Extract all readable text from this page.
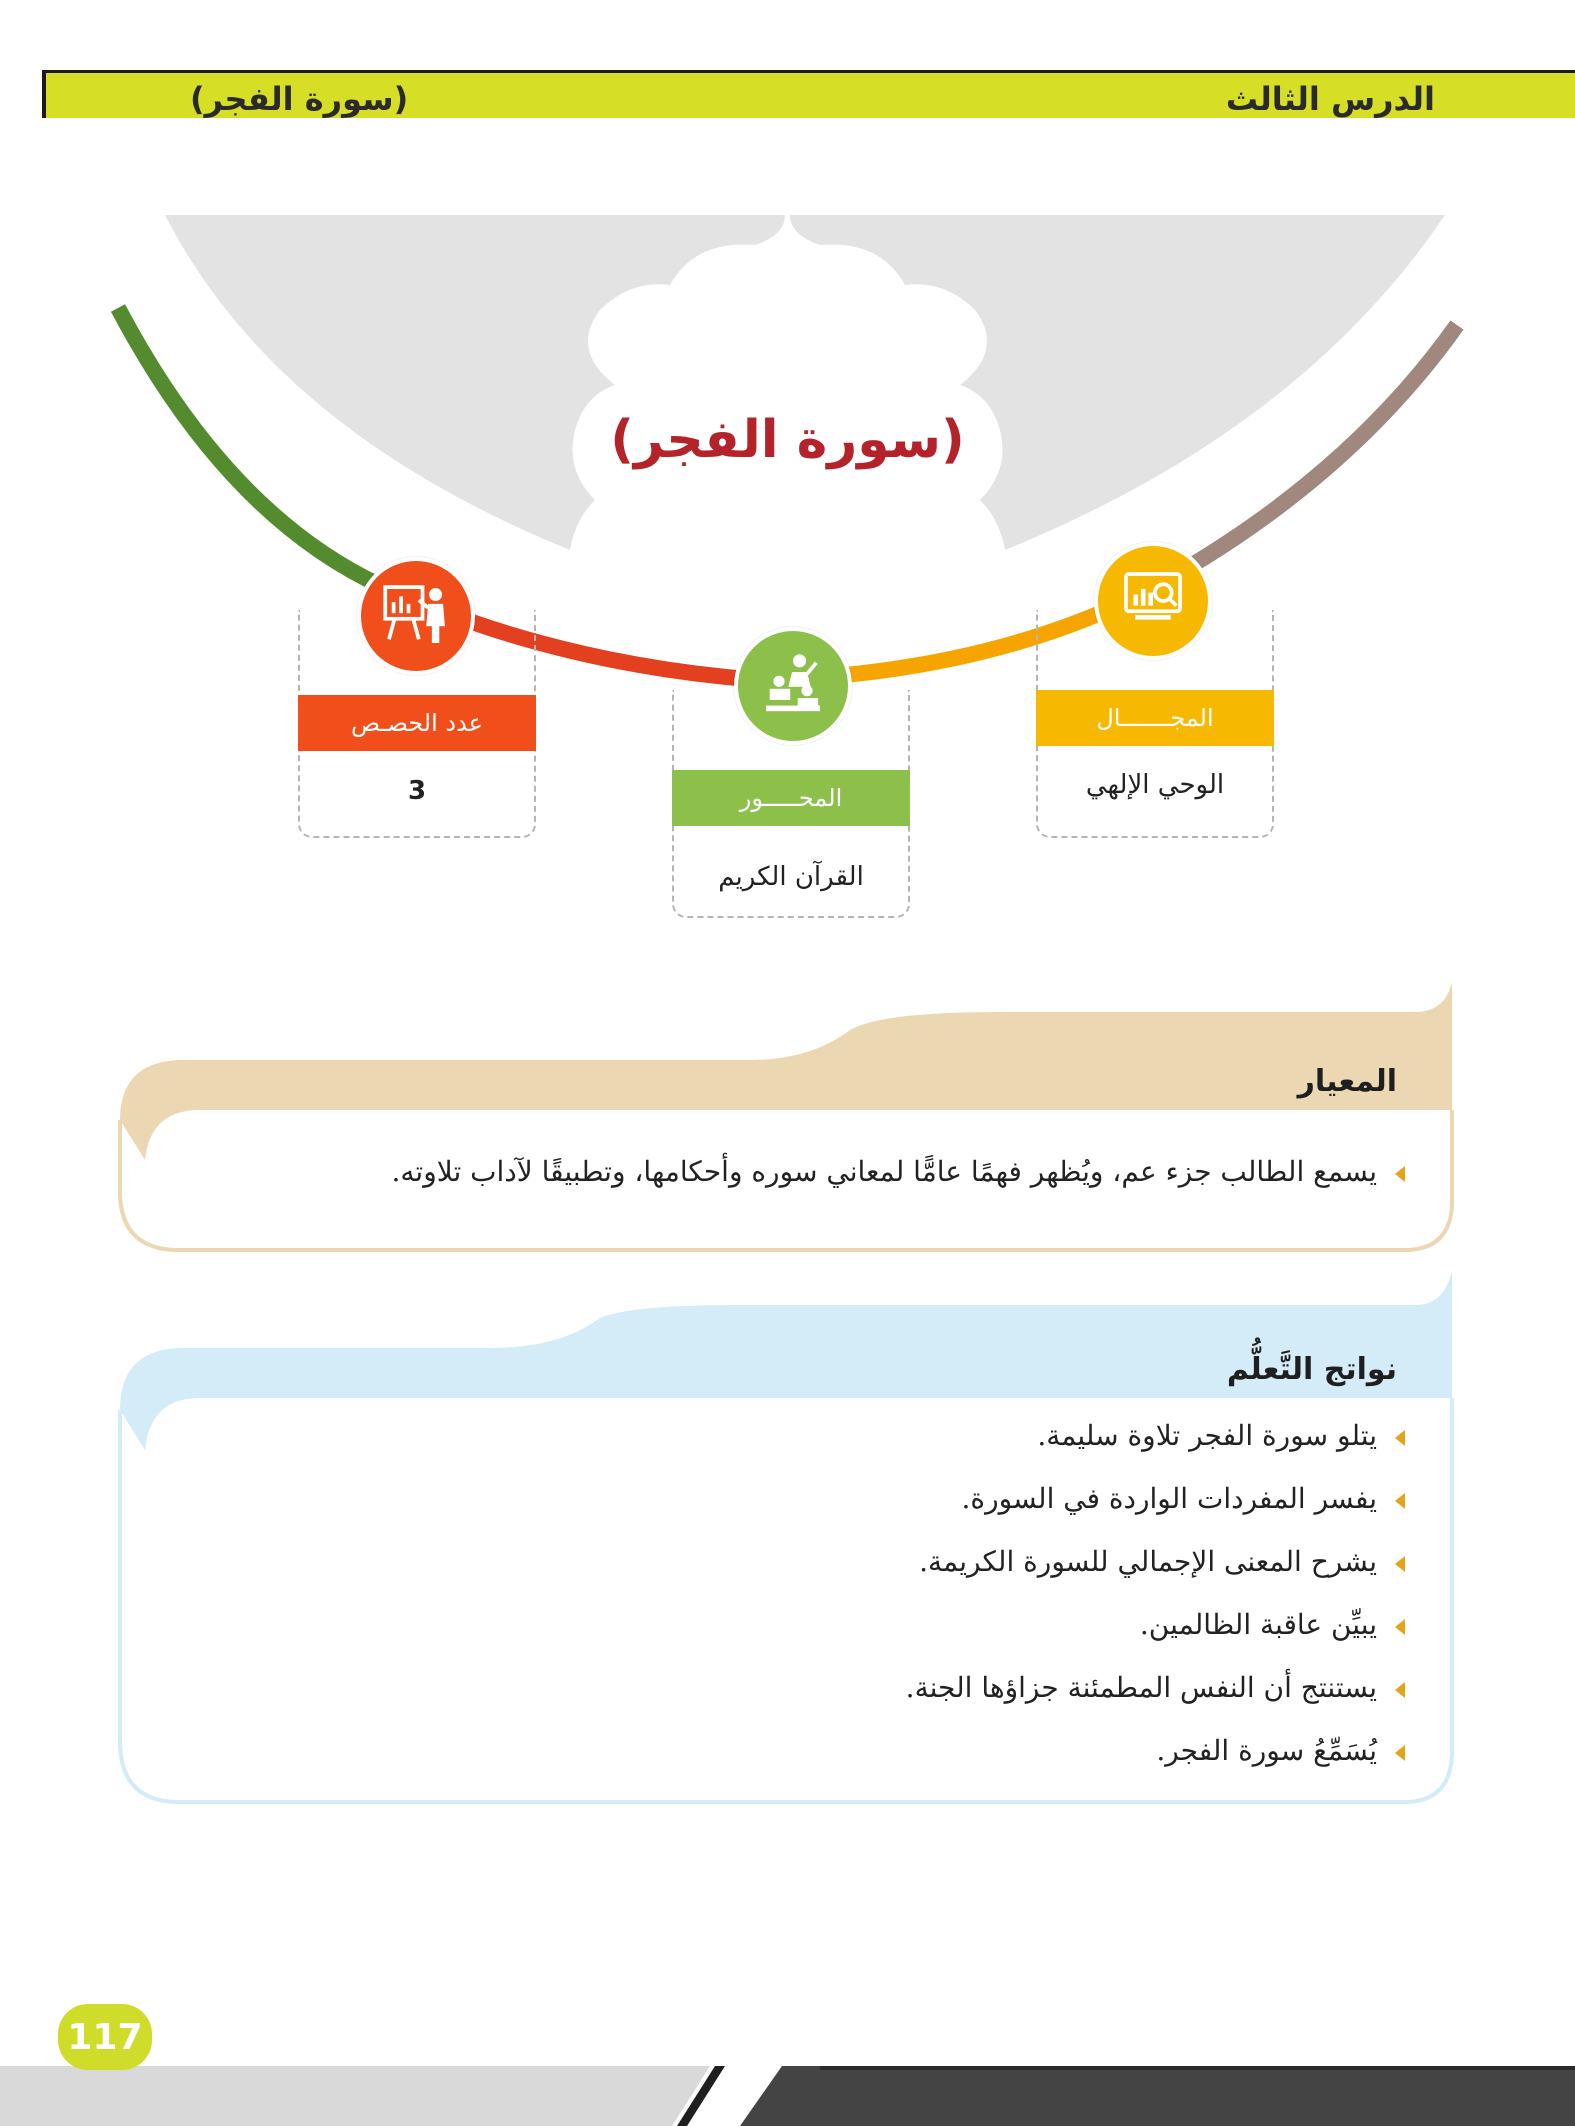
الدرس الثالث
(سورة الفجر)
(سورة الفجر)
المجـــــــال
الوحي الإلهي
المحـــــور
القرآن الكريم
عدد الحصـص
3
المعيار
يسمع الطالب جزء عم، ويُظهر فهمًا عامًّا لمعاني سوره وأحكامها، وتطبيقًا لآداب تلاوته.
نواتج التَّعلُّم
يتلو سورة الفجر تلاوة سليمة.
يفسر المفردات الواردة في السورة.
يشرح المعنى الإجمالي للسورة الكريمة.
يبيِّن عاقبة الظالمين.
يستنتج أن النفس المطمئنة جزاؤها الجنة.
يُسَمِّعُ سورة الفجر.
117
